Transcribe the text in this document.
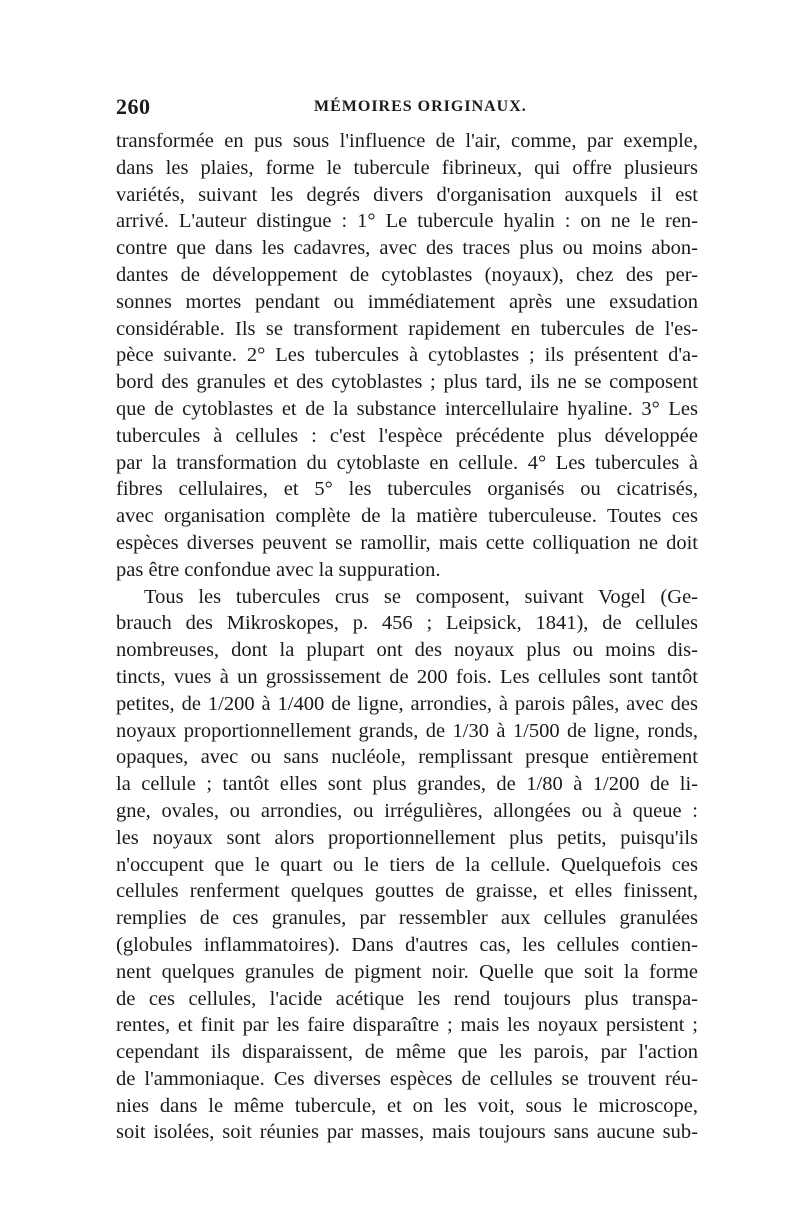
260	MÉMOIRES ORIGINAUX.
transformée en pus sous l'influence de l'air, comme, par exemple,
dans les plaies, forme le tubercule fibrineux, qui offre plusieurs
variétés, suivant les degrés divers d'organisation auxquels il est
arrivé. L'auteur distingue : 1° Le tubercule hyalin : on ne le ren-
contre que dans les cadavres, avec des traces plus ou moins abon-
dantes de développement de cytoblastes (noyaux), chez des per-
sonnes mortes pendant ou immédiatement après une exsudation
considérable. Ils se transforment rapidement en tubercules de l'es-
pèce suivante. 2° Les tubercules à cytoblastes ; ils présentent d'a-
bord des granules et des cytoblastes ; plus tard, ils ne se composent
que de cytoblastes et de la substance intercellulaire hyaline. 3° Les
tubercules à cellules : c'est l'espèce précédente plus développée
par la transformation du cytoblaste en cellule. 4° Les tubercules à
fibres cellulaires, et 5° les tubercules organisés ou cicatrisés,
avec organisation complète de la matière tuberculeuse. Toutes ces
espèces diverses peuvent se ramollir, mais cette colliquation ne doit
pas être confondue avec la suppuration.
Tous les tubercules crus se composent, suivant Vogel (Ge-
brauch des Mikroskopes, p. 456 ; Leipsick, 1841), de cellules
nombreuses, dont la plupart ont des noyaux plus ou moins dis-
tincts, vues à un grossissement de 200 fois. Les cellules sont tantôt
petites, de 1/200 à 1/400 de ligne, arrondies, à parois pâles, avec des
noyaux proportionnellement grands, de 1/30 à 1/500 de ligne, ronds,
opaques, avec ou sans nucléole, remplissant presque entièrement
la cellule ; tantôt elles sont plus grandes, de 1/80 à 1/200 de li-
gne, ovales, ou arrondies, ou irrégulières, allongées ou à queue :
les noyaux sont alors proportionnellement plus petits, puisqu'ils
n'occupent que le quart ou le tiers de la cellule. Quelquefois ces
cellules renferment quelques gouttes de graisse, et elles finissent,
remplies de ces granules, par ressembler aux cellules granulées
(globules inflammatoires). Dans d'autres cas, les cellules contien-
nent quelques granules de pigment noir. Quelle que soit la forme
de ces cellules, l'acide acétique les rend toujours plus transpa-
rentes, et finit par les faire disparaître ; mais les noyaux persistent ;
cependant ils disparaissent, de même que les parois, par l'action
de l'ammoniaque. Ces diverses espèces de cellules se trouvent réu-
nies dans le même tubercule, et on les voit, sous le microscope,
soit isolées, soit réunies par masses, mais toujours sans aucune sub-
